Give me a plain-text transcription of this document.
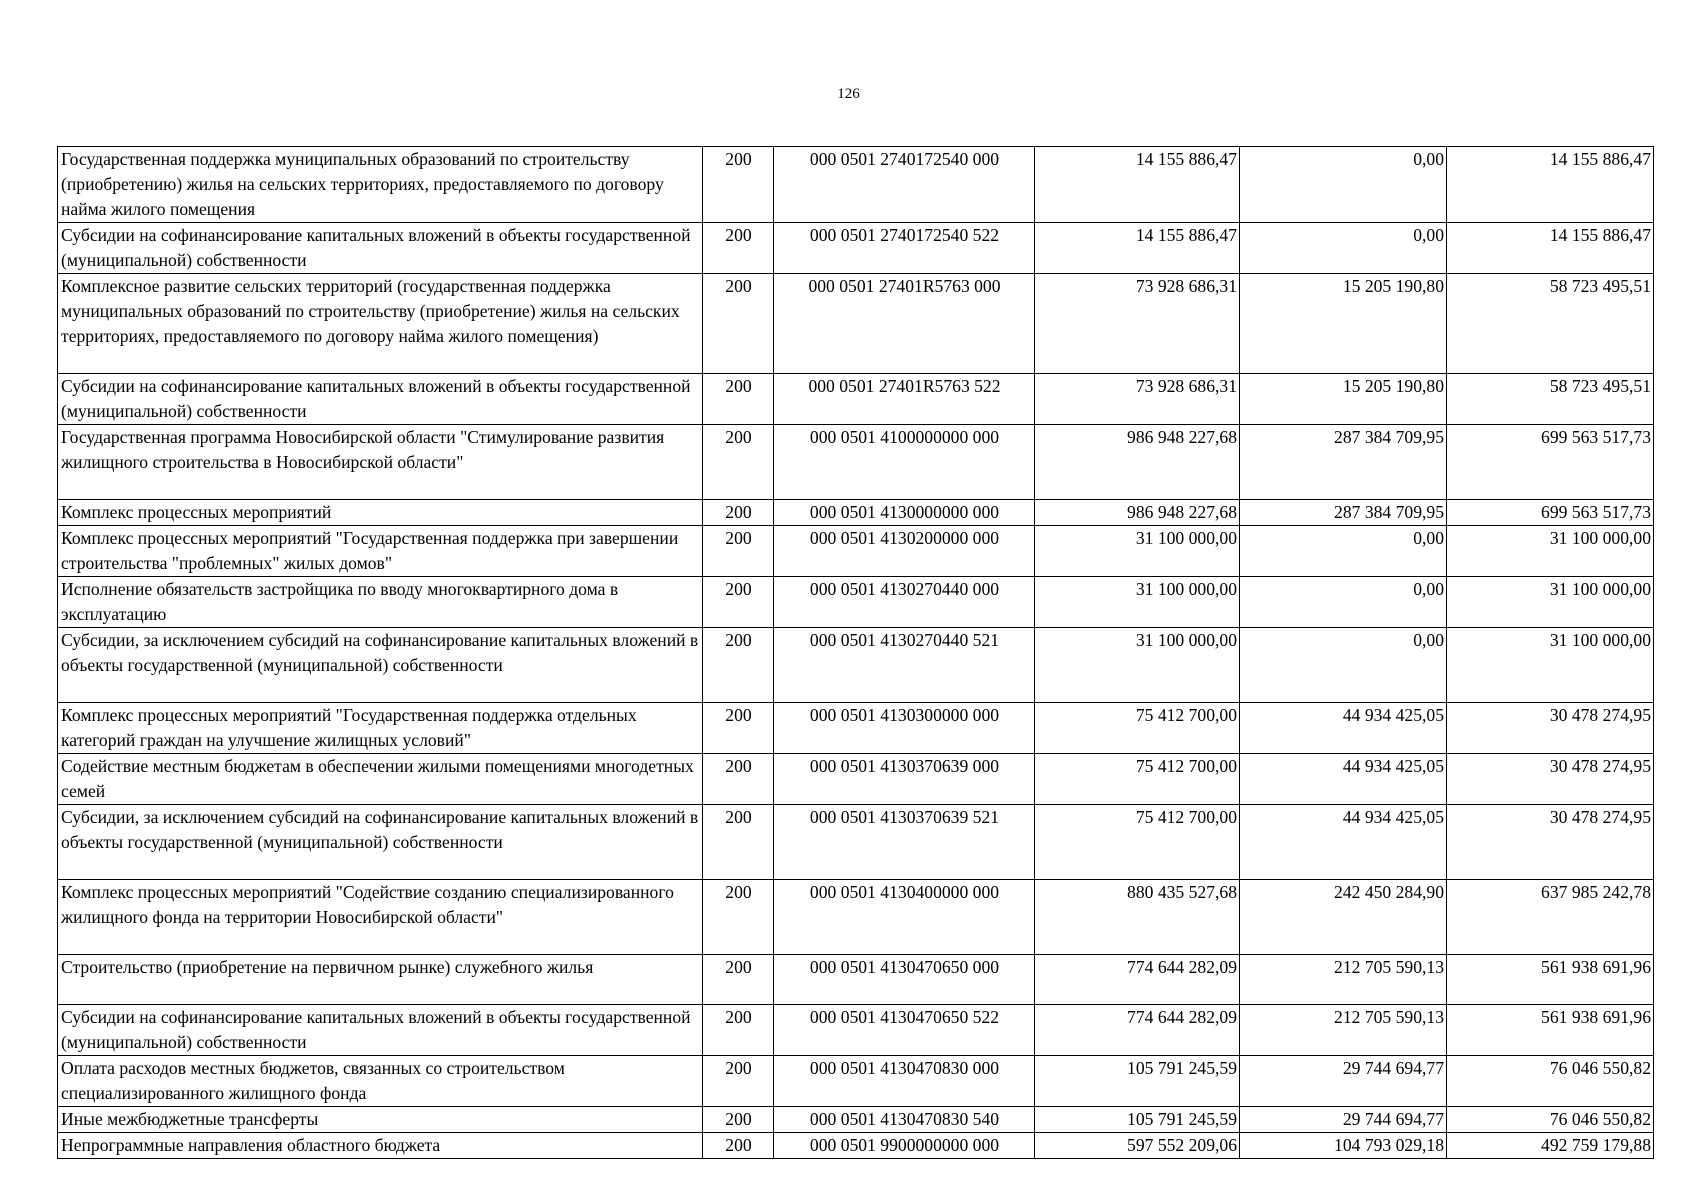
126
Государственная поддержка муниципальных образований по строительству (приобретению) жилья на сельских территориях, предоставляемого по договору найма жилого помещения	200	000 0501 2740172540 000	14 155 886,47	0,00	14 155 886,47
Субсидии на софинансирование капитальных вложений в объекты государственной (муниципальной) собственности	200	000 0501 2740172540 522	14 155 886,47	0,00	14 155 886,47
Комплексное развитие сельских территорий (государственная поддержка муниципальных образований по строительству (приобретение) жилья на сельских территориях, предоставляемого по договору найма жилого помещения)	200	000 0501 27401R5763 000	73 928 686,31	15 205 190,80	58 723 495,51
Субсидии на софинансирование капитальных вложений в объекты государственной (муниципальной) собственности	200	000 0501 27401R5763 522	73 928 686,31	15 205 190,80	58 723 495,51
Государственная программа Новосибирской области "Стимулирование развития жилищного строительства в Новосибирской области"	200	000 0501 4100000000 000	986 948 227,68	287 384 709,95	699 563 517,73
Комплекс процессных мероприятий	200	000 0501 4130000000 000	986 948 227,68	287 384 709,95	699 563 517,73
Комплекс процессных мероприятий "Государственная поддержка при завершении строительства "проблемных" жилых домов"	200	000 0501 4130200000 000	31 100 000,00	0,00	31 100 000,00
Исполнение обязательств застройщика по вводу многоквартирного дома в эксплуатацию	200	000 0501 4130270440 000	31 100 000,00	0,00	31 100 000,00
Субсидии, за исключением субсидий на софинансирование капитальных вложений в объекты государственной (муниципальной) собственности	200	000 0501 4130270440 521	31 100 000,00	0,00	31 100 000,00
Комплекс процессных мероприятий "Государственная поддержка отдельных категорий граждан на улучшение жилищных условий"	200	000 0501 4130300000 000	75 412 700,00	44 934 425,05	30 478 274,95
Содействие местным бюджетам в обеспечении жилыми помещениями многодетных семей	200	000 0501 4130370639 000	75 412 700,00	44 934 425,05	30 478 274,95
Субсидии, за исключением субсидий на софинансирование капитальных вложений в объекты государственной (муниципальной) собственности	200	000 0501 4130370639 521	75 412 700,00	44 934 425,05	30 478 274,95
Комплекс процессных мероприятий "Содействие созданию специализированного жилищного фонда на территории Новосибирской области"	200	000 0501 4130400000 000	880 435 527,68	242 450 284,90	637 985 242,78
Строительство (приобретение на первичном рынке) служебного жилья	200	000 0501 4130470650 000	774 644 282,09	212 705 590,13	561 938 691,96
Субсидии на софинансирование капитальных вложений в объекты государственной (муниципальной) собственности	200	000 0501 4130470650 522	774 644 282,09	212 705 590,13	561 938 691,96
Оплата расходов местных бюджетов, связанных со строительством специализированного жилищного фонда	200	000 0501 4130470830 000	105 791 245,59	29 744 694,77	76 046 550,82
Иные межбюджетные трансферты	200	000 0501 4130470830 540	105 791 245,59	29 744 694,77	76 046 550,82
Непрограммные направления областного бюджета	200	000 0501 9900000000 000	597 552 209,06	104 793 029,18	492 759 179,88
